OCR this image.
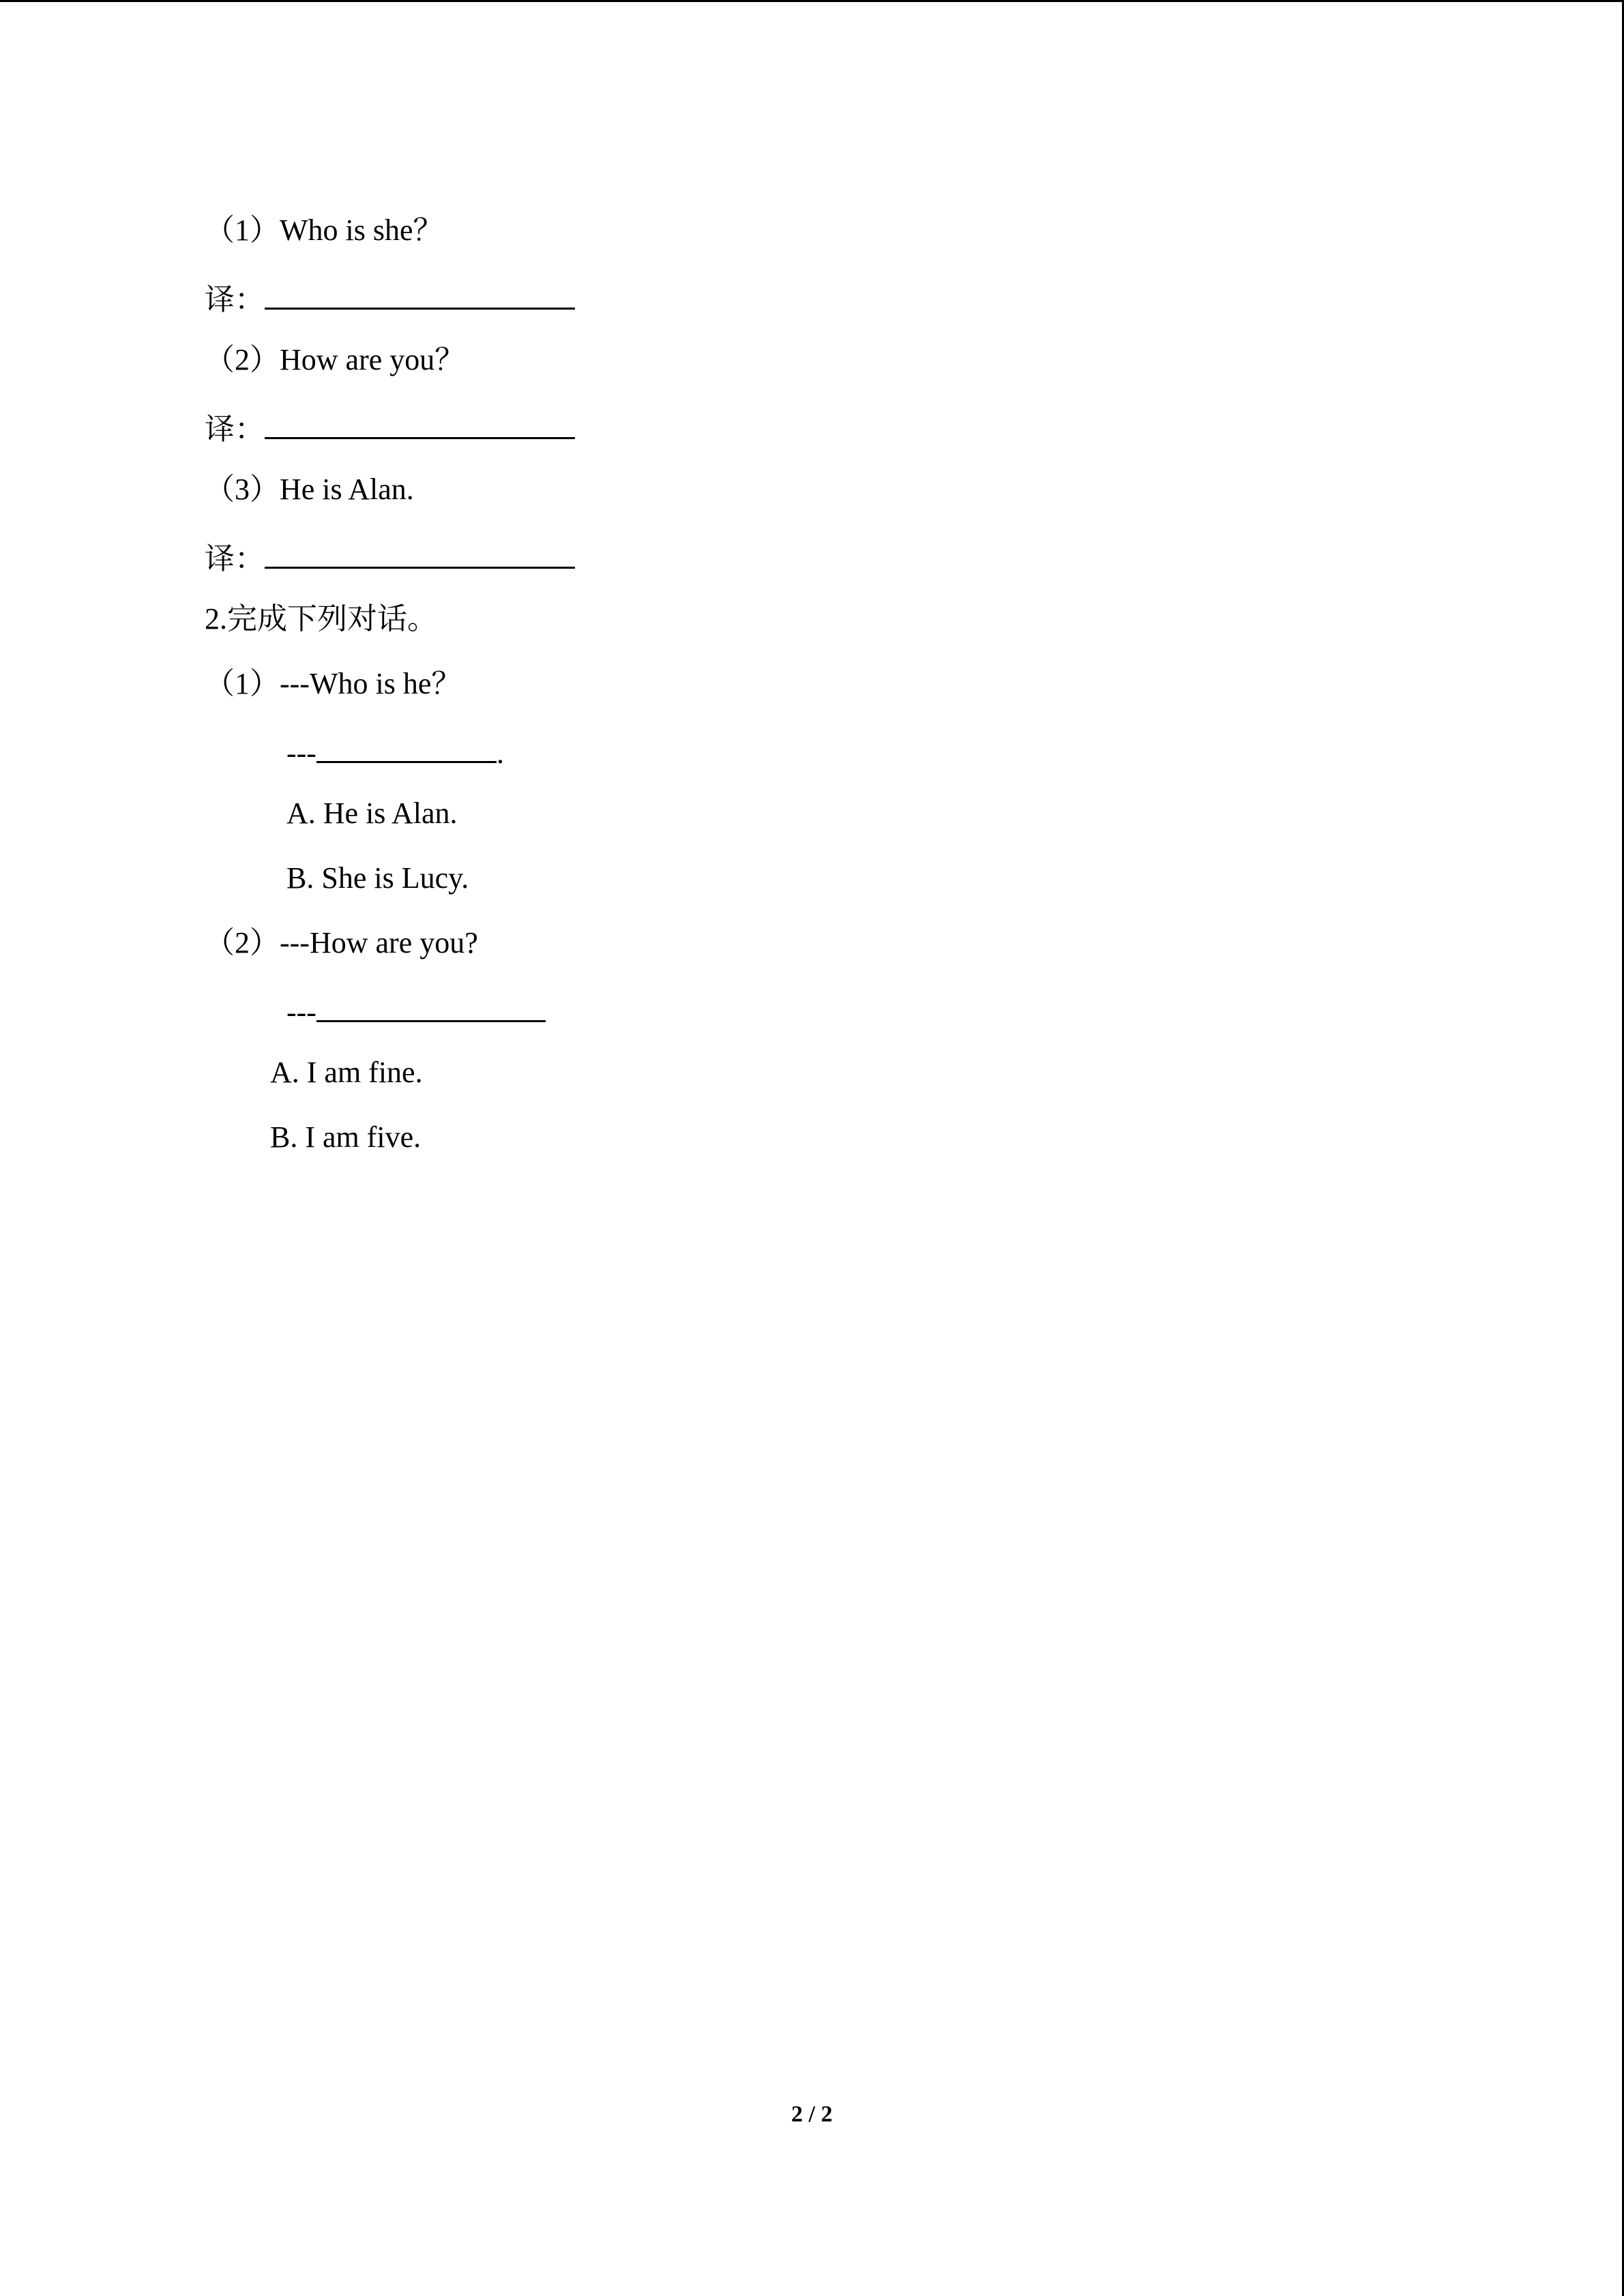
（1）Who is she？
译：
（2）How are you？
译：
（3）He is Alan.
译：
2.完成下列对话。
（1）---Who is he？
---	.
A. He is Alan.
B. She is Lucy.
（2）---How are you?
---
A. I am fine.
B. I am five.
2 / 2
